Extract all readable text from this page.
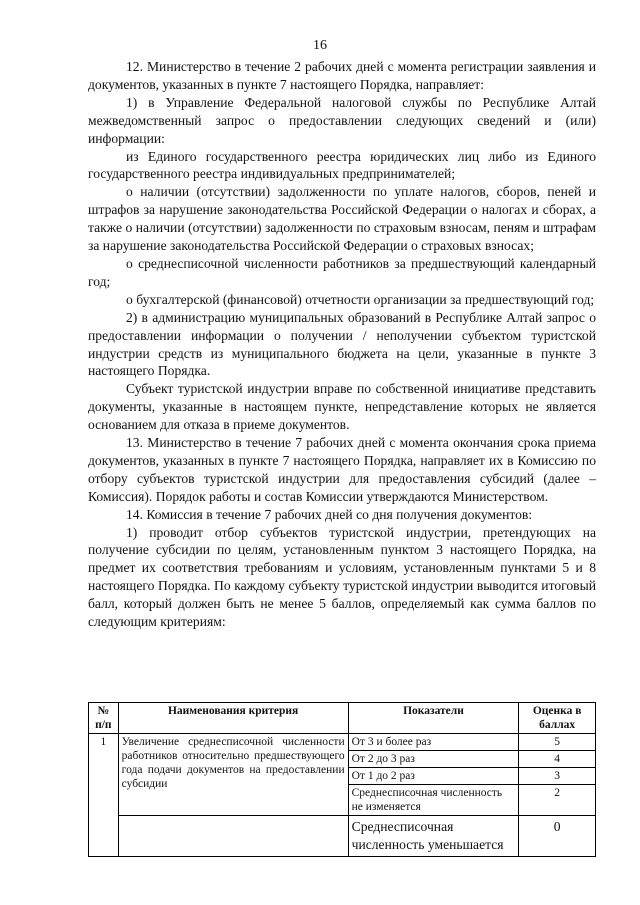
16

12. Министерство в течение 2 рабочих дней с момента регистрации заявления и документов, указанных в пункте 7 настоящего Порядка, направляет:

1) в Управление Федеральной налоговой службы по Республике Алтай межведомственный запрос о предоставлении следующих сведений и (или) информации:

из Единого государственного реестра юридических лиц либо из Единого государственного реестра индивидуальных предпринимателей;

о наличии (отсутствии) задолженности по уплате налогов, сборов, пеней и штрафов за нарушение законодательства Российской Федерации о налогах и сборах, а также о наличии (отсутствии) задолженности по страховым взносам, пеням и штрафам за нарушение законодательства Российской Федерации о страховых взносах;

о среднесписочной численности работников за предшествующий календарный год;

о бухгалтерской (финансовой) отчетности организации за предшествующий год;

2) в администрацию муниципальных образований в Республике Алтай запрос о предоставлении информации о получении / неполучении субъектом туристской индустрии средств из муниципального бюджета на цели, указанные в пункте 3 настоящего Порядка.

Субъект туристской индустрии вправе по собственной инициативе представить документы, указанные в настоящем пункте, непредставление которых не является основанием для отказа в приеме документов.

13. Министерство в течение 7 рабочих дней с момента окончания срока приема документов, указанных в пункте 7 настоящего Порядка, направляет их в Комиссию по отбору субъектов туристской индустрии для предоставления субсидий (далее – Комиссия). Порядок работы и состав Комиссии утверждаются Министерством.

14. Комиссия в течение 7 рабочих дней со дня получения документов:

1) проводит отбор субъектов туристской индустрии, претендующих на получение субсидии по целям, установленным пунктом 3 настоящего Порядка, на предмет их соответствия требованиям и условиям, установленным пунктами 5 и 8 настоящего Порядка. По каждому субъекту туристской индустрии выводится итоговый балл, который должен быть не менее 5 баллов, определяемый как сумма баллов по следующим критериям:

№ п/п	Наименования критерия	Показатели	Оценка в баллах
1	Увеличение среднесписочной численности работников относительно предшествующего года подачи документов на предоставлении субсидии	От 3 и более раз	5
		От 2 до 3 раз	4
		От 1 до 2 раз	3
		Среднесписочная численность не изменяется	2
		Среднесписочная численность уменьшается	0
